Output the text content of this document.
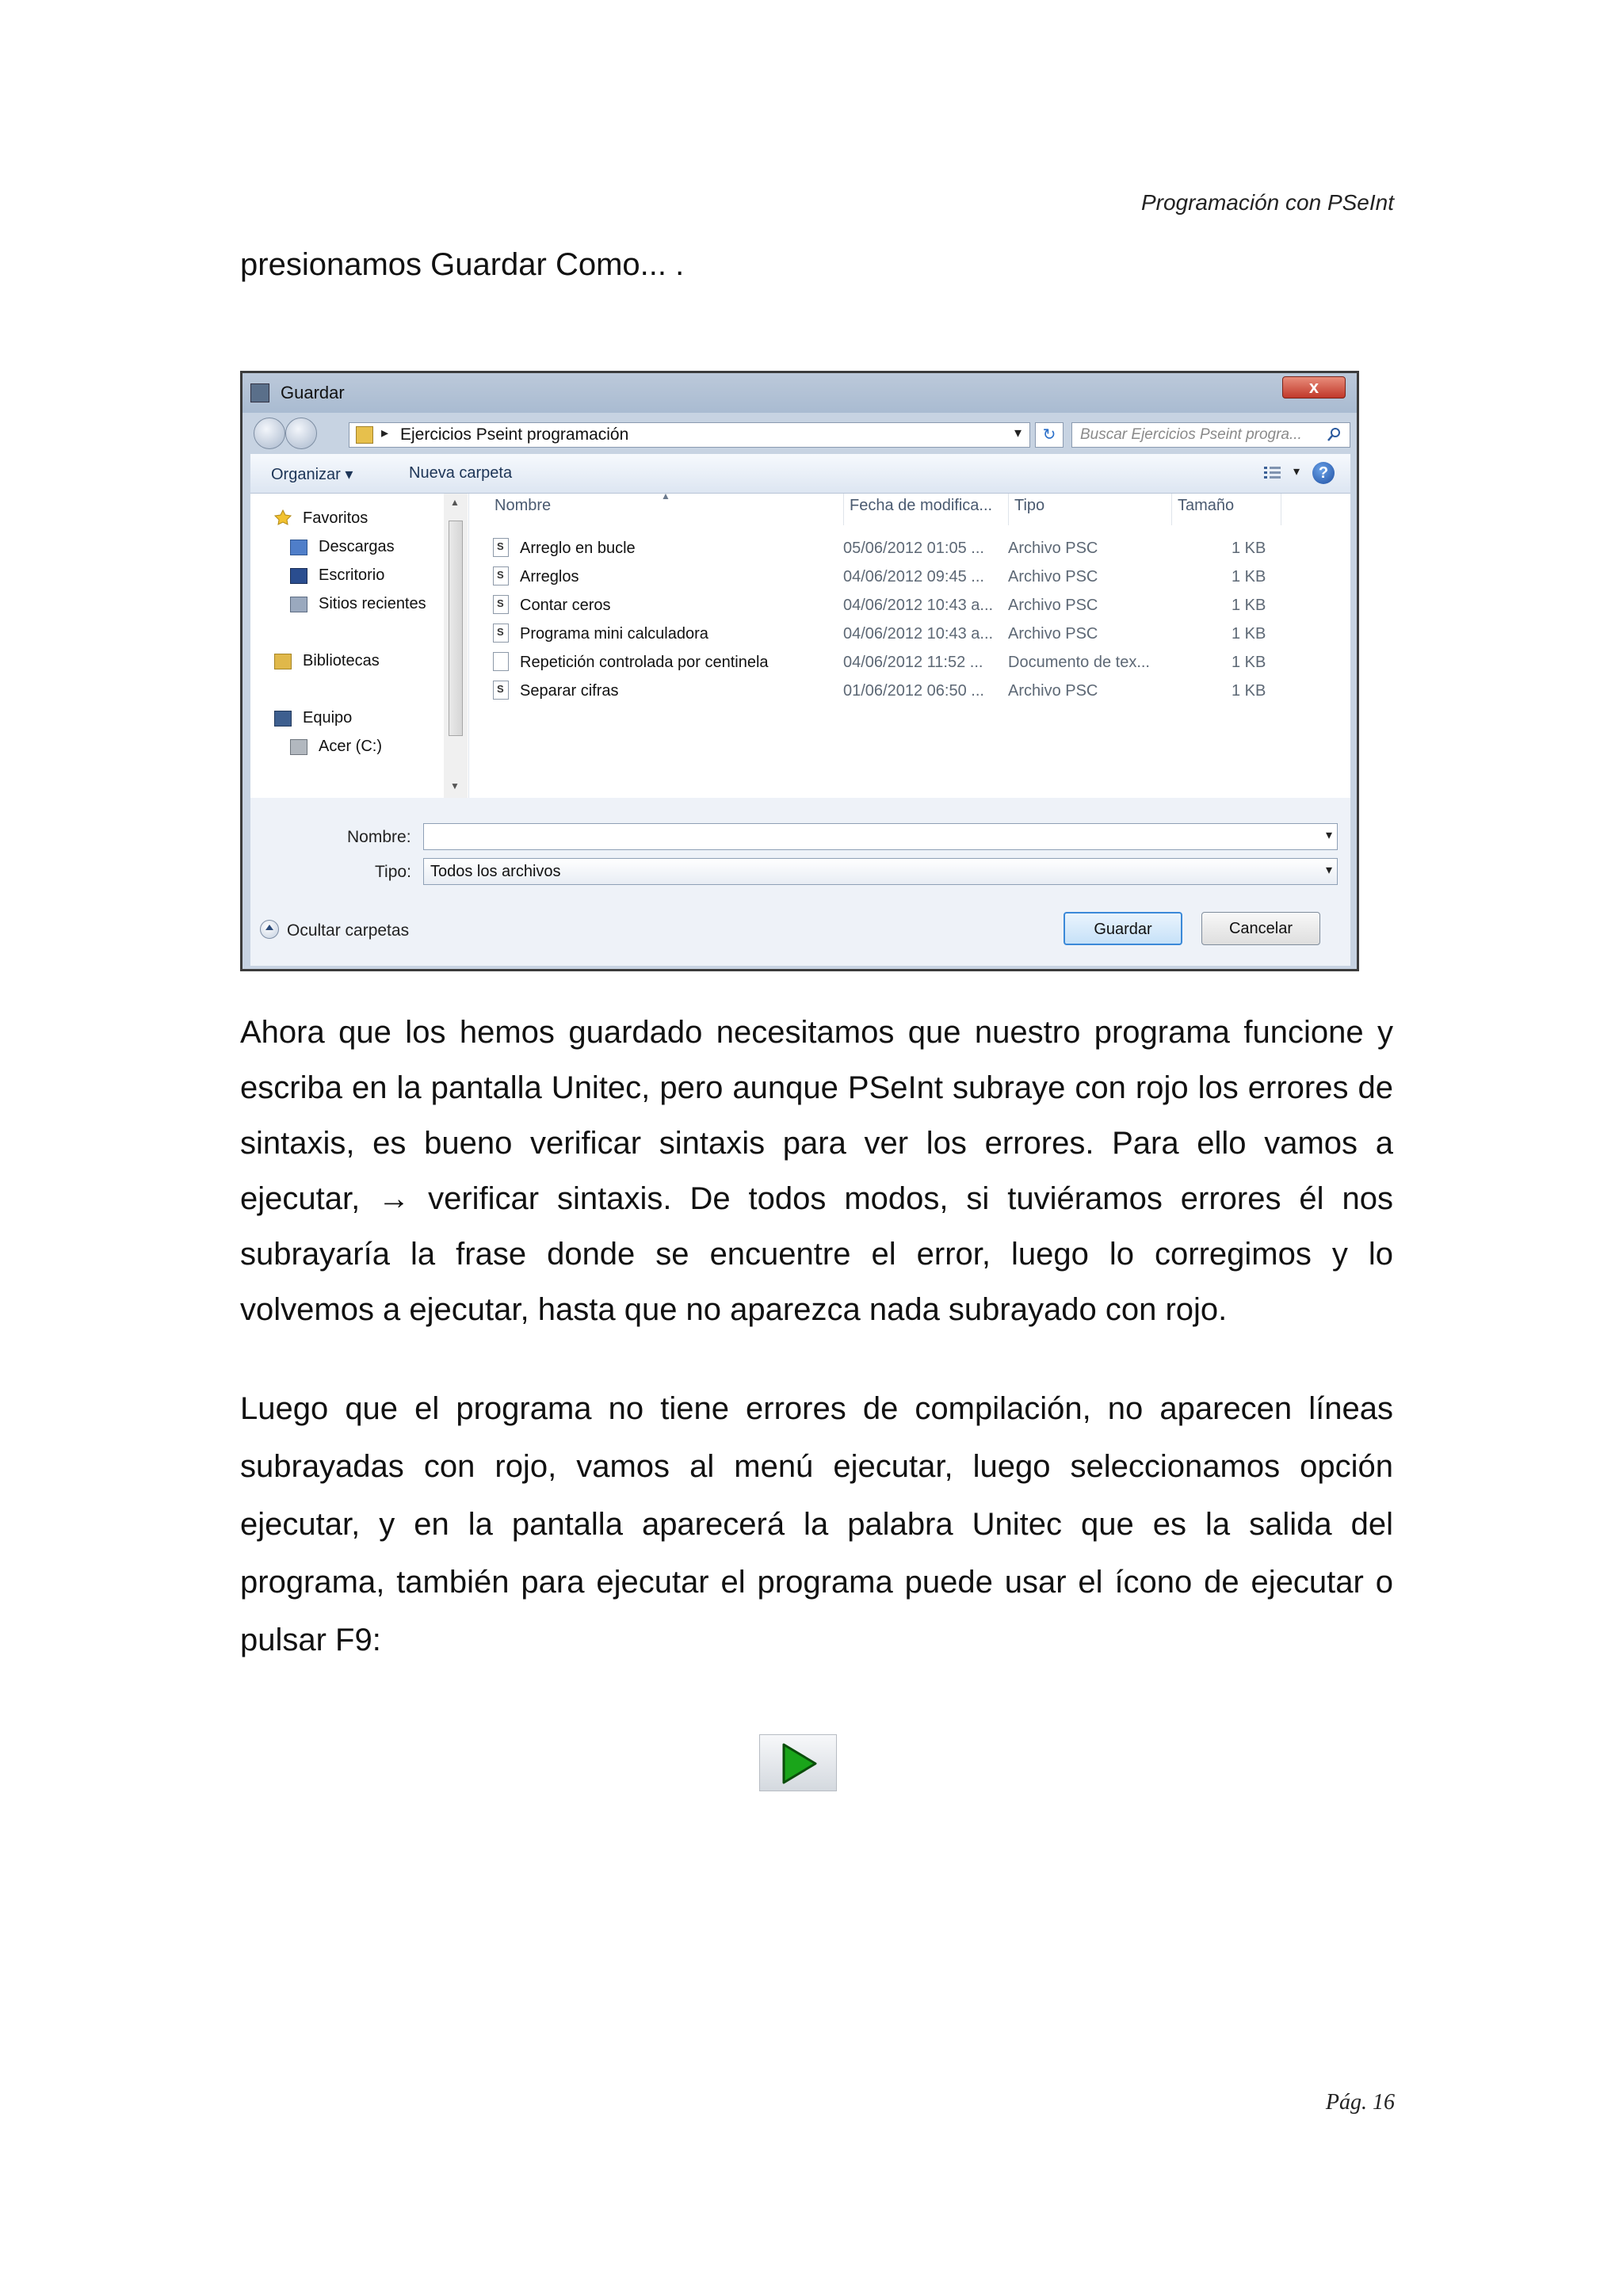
Programación con PSeInt
presionamos Guardar Como... .
Guardar	x
▸ Ejercicios Pseint programación	▾	↻
Buscar Ejercicios Pseint progra...
Organizar ▾	Nueva carpeta	▾	?
Favoritos
Descargas
Escritorio
Sitios recientes
Bibliotecas
Equipo
Acer (C:)
▲
▼
Nombre
▲
Fecha de modifica... Tipo	Tamaño
S
Arreglo en bucle	05/06/2012 01:05 ... Archivo PSC	1 KB
S
Arreglos	04/06/2012 09:45 ... Archivo PSC	1 KB
S
Contar ceros	04/06/2012 10:43 a... Archivo PSC	1 KB
S
Programa mini calculadora	04/06/2012 10:43 a... Archivo PSC	1 KB
Repetición controlada por centinela	04/06/2012 11:52 ... Documento de tex...	1 KB
S
Separar cifras	01/06/2012 06:50 ... Archivo PSC	1 KB
Nombre:	▾
Tipo: Todos los archivos	▾
Ocultar carpetas	Guardar	Cancelar
Ahora que los hemos guardado necesitamos que nuestro programa funcione y escriba en la pantalla Unitec, pero aunque PSeInt subraye con rojo los errores de sintaxis, es bueno verificar sintaxis para ver los errores. Para ello vamos a ejecutar, → verificar sintaxis. De todos modos, si tuviéramos errores él nos subrayaría la frase donde se encuentre el error, luego lo corregimos y lo volvemos a ejecutar, hasta que no aparezca nada subrayado con rojo.
Luego que el programa no tiene errores de compilación, no aparecen líneas subrayadas con rojo, vamos al menú ejecutar, luego seleccionamos opción ejecutar, y en la pantalla aparecerá la palabra Unitec que es la salida del programa, también para ejecutar el programa puede usar el ícono de ejecutar o pulsar F9:
Pág. 16
